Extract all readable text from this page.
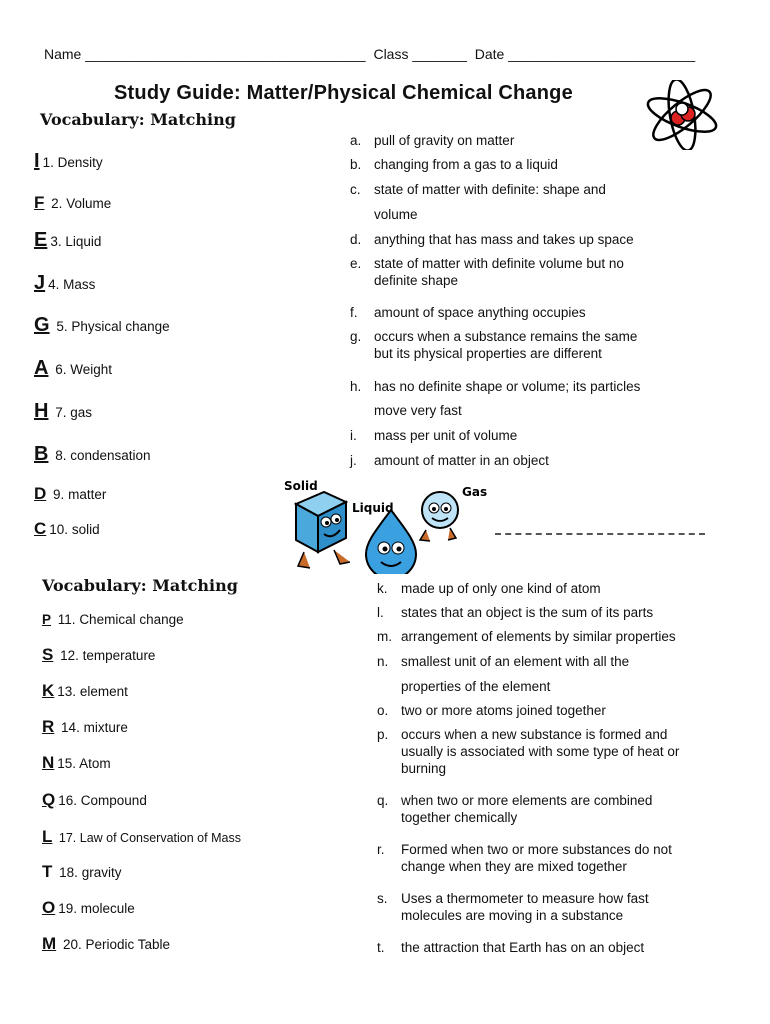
Name ____________________________________ Class _______ Date ________________________
Study Guide: Matter/Physical Chemical Change
Vocabulary: Matching
I 1. Density
F 2. Volume
E 3. Liquid
J 4. Mass
G 5. Physical change
A 6. Weight
H 7. gas
B 8. condensation
D 9. matter
C 10. solid
a. pull of gravity on matter
b. changing from a gas to a liquid
c. state of matter with definite: shape and
volume
d. anything that has mass and takes up space
e. state of matter with definite volume but no definite shape
f.	amount of space anything occupies
g. occurs when a substance remains the same but its physical properties are different
h. has no definite shape or volume; its particles
move very fast
i.	mass per unit of volume
j.	amount of matter in an object
Solid
Liquid
Gas
Vocabulary: Matching
P 11. Chemical change
S 12. temperature
K 13. element
R 14. mixture
N 15. Atom
Q 16. Compound
L 17. Law of Conservation of Mass
T 18. gravity
O 19. molecule
M 20. Periodic Table
k. made up of only one kind of atom
l.	states that an object is the sum of its parts
m. arrangement of elements by similar properties
n. smallest unit of an element with all the
properties of the element
o. two or more atoms joined together
p. occurs when a new substance is formed and usually is associated with some type of heat or burning
q. when two or more elements are combined together chemically
r.	Formed when two or more substances do not change when they are mixed together
s. Uses a thermometer to measure how fast molecules are moving in a substance
t.	the attraction that Earth has on an object
